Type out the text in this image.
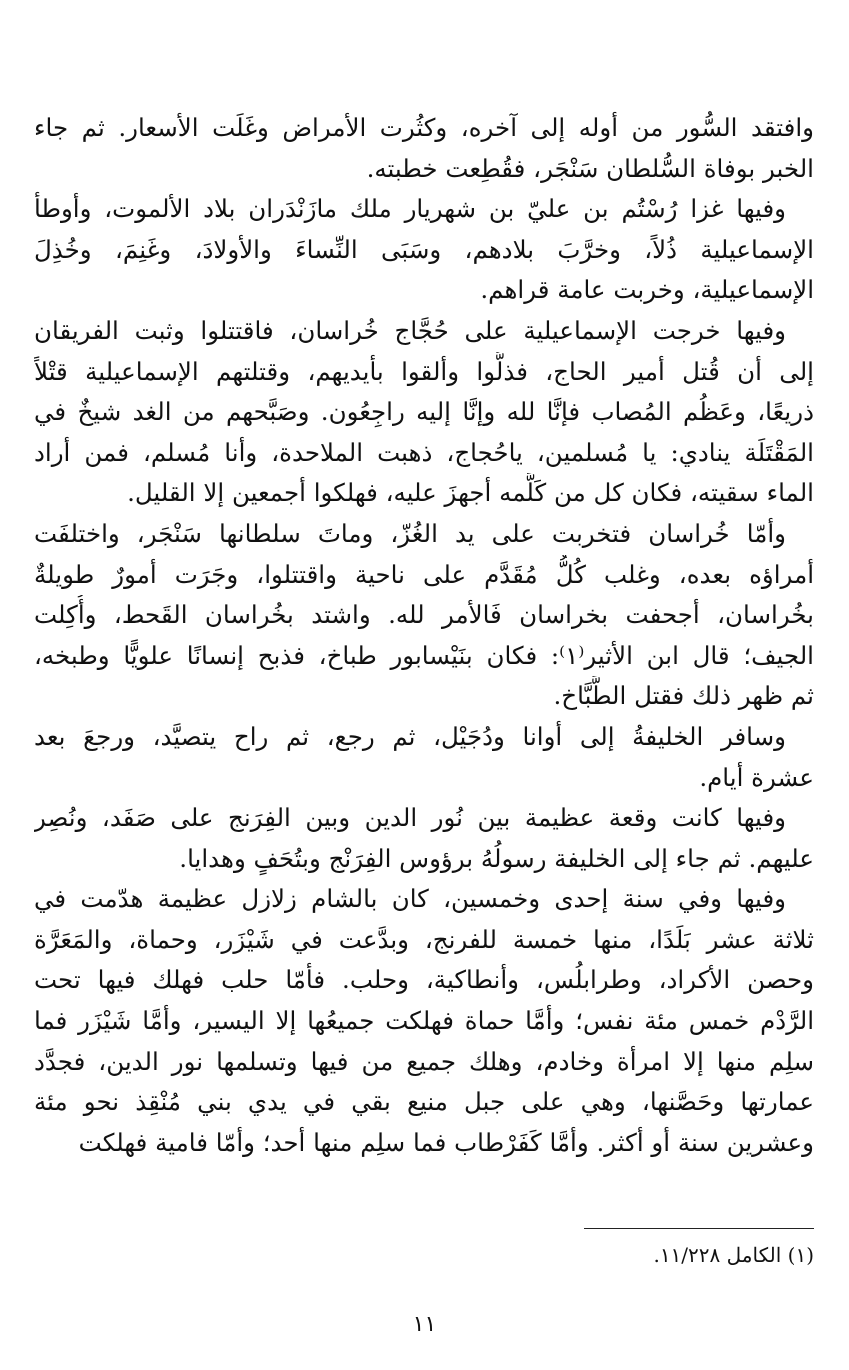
وافتقد السُّور من أوله إلى آخره، وكثُرت الأمراض وغَلَت الأسعار. ثم جاء
الخبر بوفاة السُّلطان سَنْجَر، فقُطِعت خطبته.
وفيها غزا رُسْتُم بن عليّ بن شهريار ملك مازَنْدَران بلاد الألموت، وأوطأ
الإسماعيلية ذُلاً، وخرَّبَ بلادهم، وسَبَى النِّساءَ والأولادَ، وغَنِمَ، وخُذِلَ
الإسماعيلية، وخربت عامة قراهم.
وفيها خرجت الإسماعيلية على حُجَّاج خُراسان، فاقتتلوا وثبت الفريقان
إلى أن قُتل أمير الحاج، فذلُّوا وألقوا بأيديهم، وقتلتهم الإسماعيلية قتْلاً
ذريعًا، وعَظُم المُصاب فإنَّا لله وإنَّا إليه راجِعُون. وصَبَّحهم من الغد شيخٌ في
المَقْتَلَة ينادي: يا مُسلمين، ياحُجاج، ذهبت الملاحدة، وأنا مُسلم، فمن أراد
الماء سقيته، فكان كل من كَلَّمه أجهزَ عليه، فهلكوا أجمعين إلا القليل.
وأمّا خُراسان فتخربت على يد الغُزّ، وماتَ سلطانها سَنْجَر، واختلفَت
أمراؤه بعده، وغلب كُلُّ مُقَدَّم على ناحية واقتتلوا، وجَرَت أمورٌ طويلةٌ
بخُراسان، أجحفت بخراسان فَالأمر لله. واشتد بخُراسان القَحط، وأُكِلت
الجيف؛ قال ابن الأثير⁽١⁾: فكان بنَيْسابور طباخ، فذبح إنسانًا علويًّا وطبخه،
ثم ظهر ذلك فقتل الطَّبَّاخ.
وسافر الخليفةُ إلى أوانا ودُجَيْل، ثم رجع، ثم راح يتصيَّد، ورجعَ بعد
عشرة أيام.
وفيها كانت وقعة عظيمة بين نُور الدين وبين الفِرَنج على صَفَد، ونُصِر
عليهم. ثم جاء إلى الخليفة رسولُهُ برؤوس الفِرَنْج وبتُحَفٍ وهدايا.
وفيها وفي سنة إحدى وخمسين، كان بالشام زلازل عظيمة هدّمت في
ثلاثة عشر بَلَدًا، منها خمسة للفرنج، وبدَّعت في شَيْزَر، وحماة، والمَعَرَّة
وحصن الأكراد، وطرابلُس، وأنطاكية، وحلب. فأمّا حلب فهلك فيها تحت
الرَّدْم خمس مئة نفس؛ وأمَّا حماة فهلكت جميعُها إلا اليسير، وأمَّا شَيْزَر فما
سلِم منها إلا امرأة وخادم، وهلك جميع من فيها وتسلمها نور الدين، فجدَّد
عمارتها وحَصَّنها، وهي على جبل منيع بقي في يدي بني مُنْقِذ نحو مئة
وعشرين سنة أو أكثر. وأمَّا كَفَرْطاب فما سلِم منها أحد؛ وأمّا فامية فهلكت
(١) الكامل ١١/٢٢٨.
١١
